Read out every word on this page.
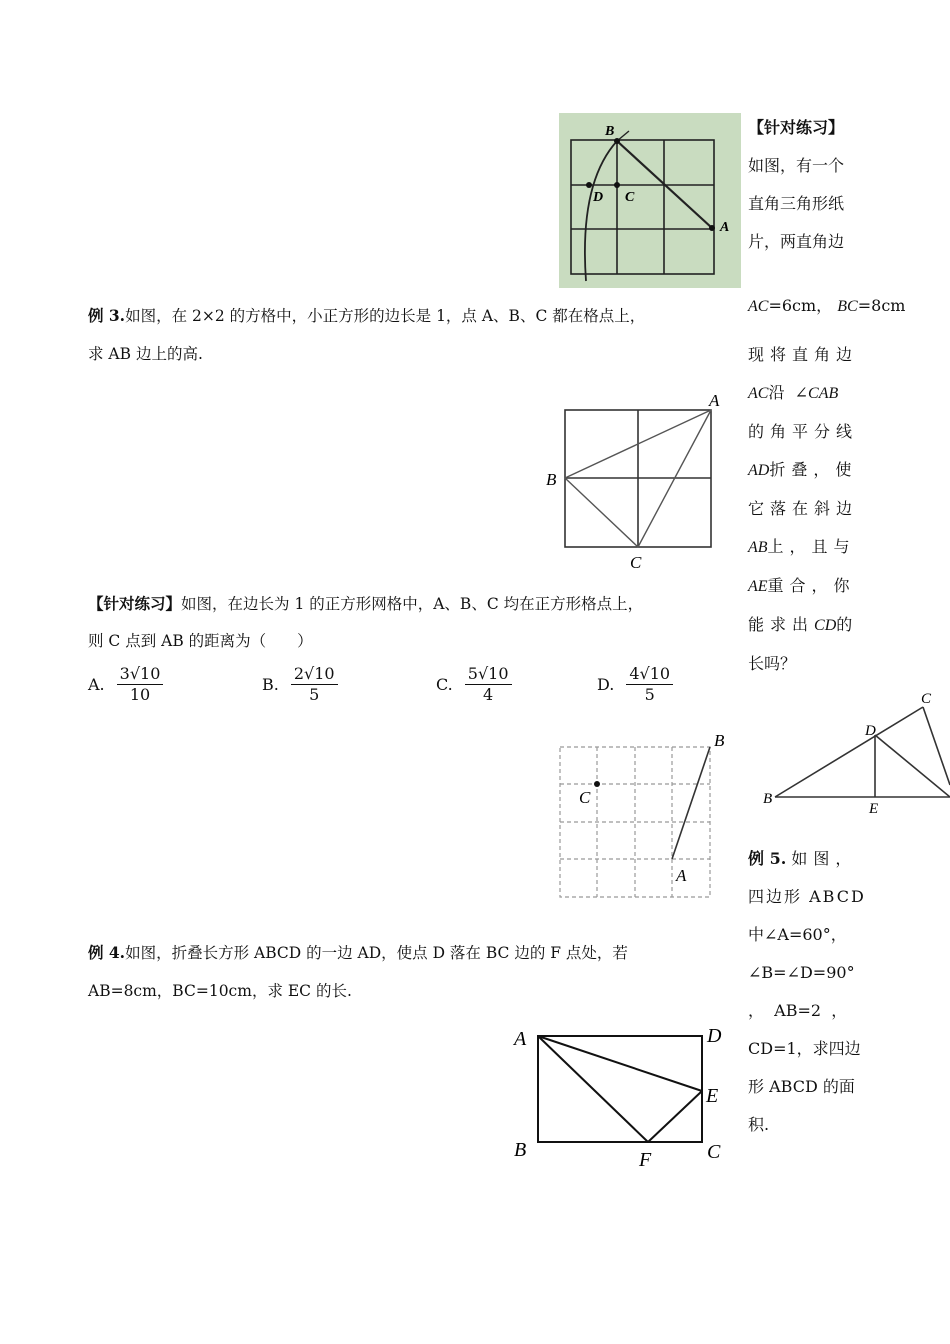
B
D C
A
例 3.如图，在 2×2 的方格中，小正方形的边长是 1，点 A、B、C 都在格点上，
求 AB 边上的高.
A
B
C
【针对练习】如图，在边长为 1 的正方形网格中，A、B、C 均在正方形格点上，
则 C 点到 AB 的距离为（　　）
A. $\frac{3√10}{10}$	B. $\frac{2√10}{5}$	C. $\frac{5√10}{4}$	D. $\frac{4√10}{5}$
B
C
A
例 4.如图，折叠长方形 ABCD 的一边 AD，使点 D 落在 BC 边的 F 点处，若
AB=8cm，BC=10cm，求 EC 的长.
A	D
E
B	F	C
【针对练习】
如图，有一个
直角三角形纸
片，两直角边
AC=6cm， BC=8cm
现将直角边
AC沿 ∠CAB
的角平分线
AD折叠，使
它落在斜边
AB上，且与
AE重合，你
能求出CD的
长吗？
C
D
B
E
例 5. 如图，
四边形 ABCD
中∠A=60°，
∠B=∠D=90°
，  AB=2  ，
CD=1，求四边
形 ABCD 的面
积.
